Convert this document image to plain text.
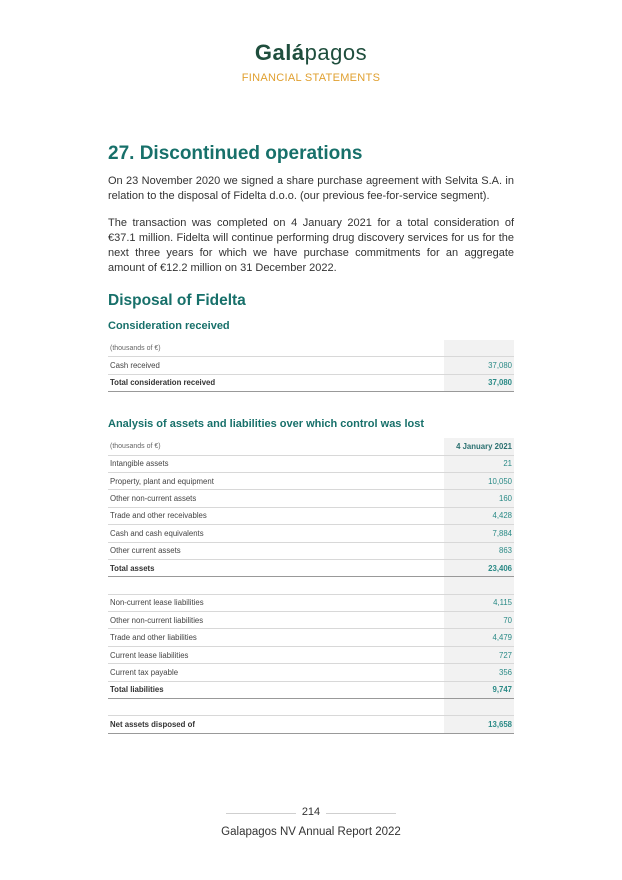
Galápagos
FINANCIAL STATEMENTS
27. Discontinued operations

On 23 November 2020 we signed a share purchase agreement with Selvita S.A. in relation to the disposal of Fidelta d.o.o. (our previous fee-for-service segment).

The transaction was completed on 4 January 2021 for a total consideration of €37.1 million. Fidelta will continue performing drug discovery services for us for the next three years for which we have purchase commitments for an aggregate amount of €12.2 million on 31 December 2022.

Disposal of Fidelta
Consideration received
(thousands of €)	
Cash received	37,080
Total consideration received	37,080
Analysis of assets and liabilities over which control was lost
(thousands of €)	4 January 2021
Intangible assets	21
Property, plant and equipment	10,050
Other non-current assets	160
Trade and other receivables	4,428
Cash and cash equivalents	7,884
Other current assets	863
Total assets	23,406

Non-current lease liabilities	4,115
Other non-current liabilities	70
Trade and other liabilities	4,479
Current lease liabilities	727
Current tax payable	356
Total liabilities	9,747

Net assets disposed of	13,658
214
Galapagos NV Annual Report 2022
